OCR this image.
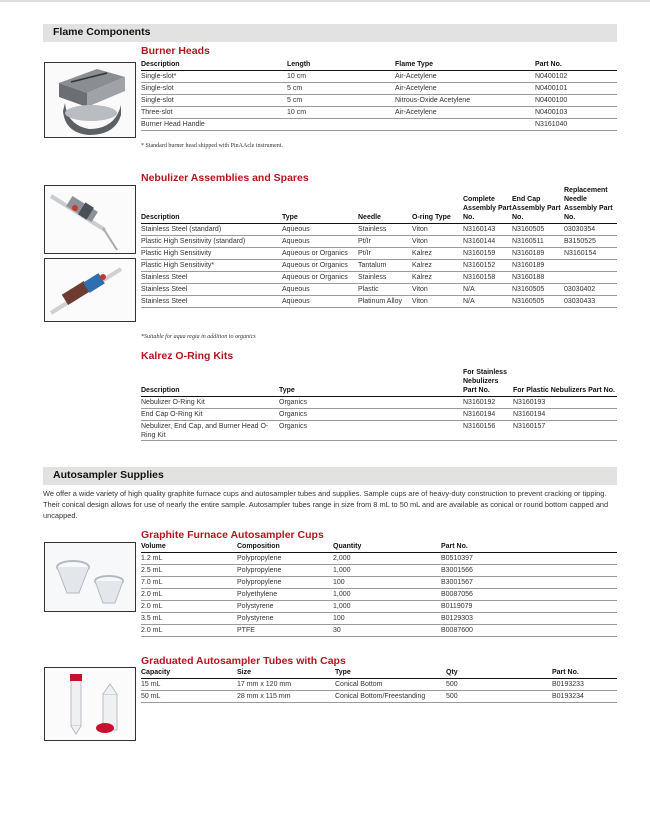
Flame Components
Burner Heads
Description	Length	Flame Type	Part No.
Single-slot*	10 cm	Air-Acetylene	N0400102
Single-slot	5 cm	Air-Acetylene	N0400101
Single-slot	5 cm	Nitrous-Oxide Acetylene	N0400100
Three-slot	10 cm	Air-Acetylene	N0400103
Burner Head Handle			N3161040
* Standard burner head shipped with PinAAcle instrument.
Nebulizer Assemblies and Spares
Description	Type	Needle	O-ring Type	Complete Assembly Part No.	End Cap Assembly Part No.	Replacement Needle Assembly Part No.
Stainless Steel (standard)	Aqueous	Stainless	Viton	N3160143	N3160505	03030354
Plastic High Sensitivity (standard)	Aqueous	Pt/Ir	Viton	N3160144	N3160511	B3150525
Plastic High Sensitivity	Aqueous or Organics	Pt/Ir	Kalrez	N3160159	N3160189	N3160154
Plastic High Sensitivity*	Aqueous or Organics	Tantalum	Kalrez	N3160152	N3160189	
Stainless Steel	Aqueous or Organics	Stainless	Kalrez	N3160158	N3160188	
Stainless Steel	Aqueous	Plastic	Viton	N/A	N3160505	03030402
Stainless Steel	Aqueous	Platinum Alloy	Viton	N/A	N3160505	03030433
*Suitable for aqua regia in addition to organics
Kalrez O-Ring Kits
Description	Type	For Stainless Nebulizers Part No.	For Plastic Nebulizers Part No.
Nebulizer O-Ring Kit	Organics	N3160192	N3160193
End Cap O-Ring Kit	Organics	N3160194	N3160194
Nebulizer, End Cap, and Burner Head O-Ring Kit	Organics	N3160156	N3160157
Autosampler Supplies
We offer a wide variety of high quality graphite furnace cups and autosampler tubes and supplies. Sample cups are of heavy-duty construction to prevent cracking or tipping. Their conical design allows for use of nearly the entire sample. Autosampler tubes range in size from 8 mL to 50 mL and are available as conical or round bottom capped and uncapped.
Graphite Furnace Autosampler Cups
Volume	Composition	Quantity	Part No.
1.2 mL	Polypropylene	2,000	B0510397
2.5 mL	Polypropylene	1,000	B3001566
7.0 mL	Polypropylene	100	B3001567
2.0 mL	Polyethylene	1,000	B0087056
2.0 mL	Polystyrene	1,000	B0119079
3.5 mL	Polystyrene	100	B0129303
2.0 mL	PTFE	30	B0087600
Graduated Autosampler Tubes with Caps
Capacity	Size	Type	Qty	Part No.
15 mL	17 mm x 120 mm	Conical Bottom	500	B0193233
50 mL	28 mm x 115 mm	Conical Bottom/Freestanding	500	B0193234
